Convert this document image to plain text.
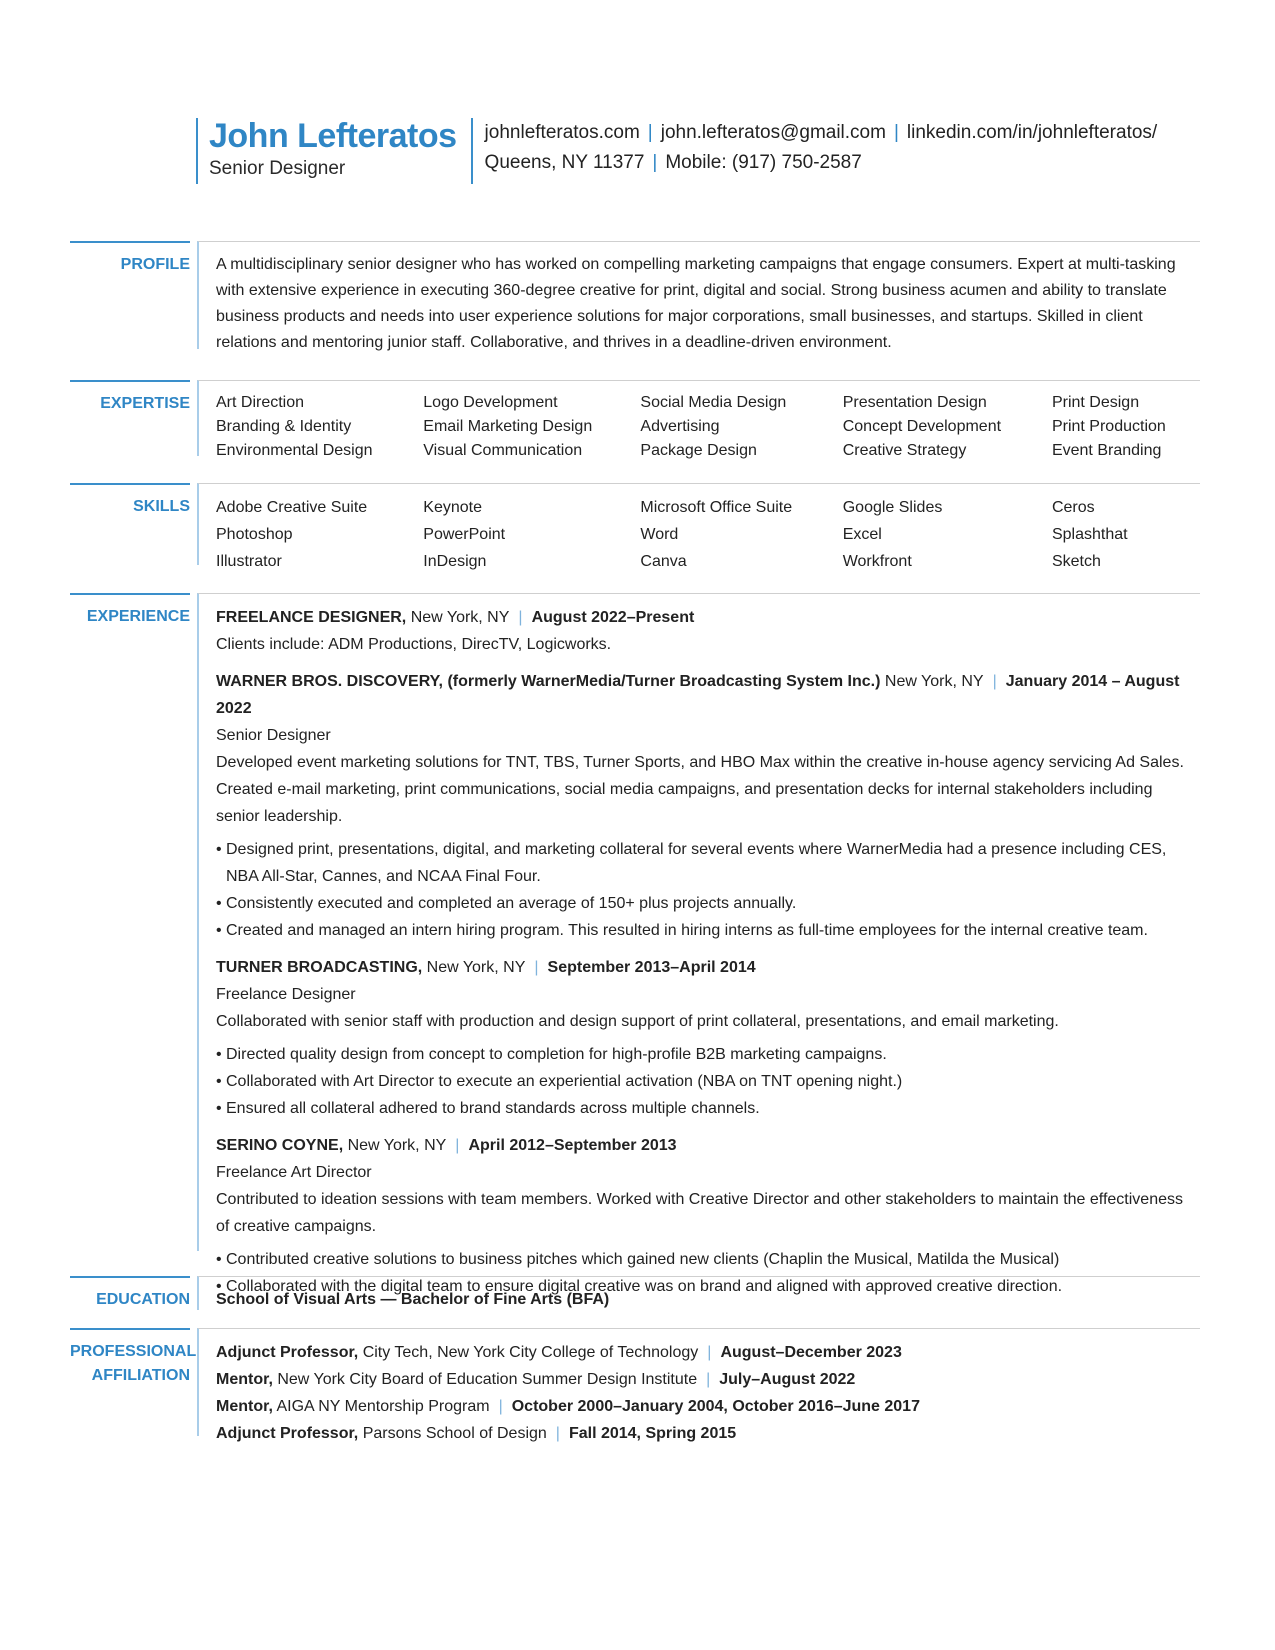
John Lefteratos
Senior Designer
johnlefteratos.com | john.lefteratos@gmail.com | linkedin.com/in/johnlefteratos/
Queens, NY 11377 | Mobile: (917) 750-2587
PROFILE A multidisciplinary senior designer who has worked on compelling marketing campaigns that engage consumers. Expert at multi-tasking with extensive experience in executing 360-degree creative for print, digital and social. Strong business acumen and ability to translate business products and needs into user experience solutions for major corporations, small businesses, and startups. Skilled in client relations and mentoring junior staff. Collaborative, and thrives in a deadline-driven environment.

EXPERTISE Art Direction
Branding & Identity
Environmental Design
Logo Development
Email Marketing Design
Visual Communication
Social Media Design
Advertising
Package Design
Presentation Design
Concept Development
Creative Strategy
Print Design
Print Production
Event Branding
SKILLS Adobe Creative Suite
Photoshop
Illustrator
Keynote
PowerPoint
InDesign
Microsoft Office Suite
Word
Canva
Google Slides
Excel
Workfront
Ceros
Splashthat
Sketch
EXPERIENCE FREELANCE DESIGNER, New York, NY | August 2022–Present
Clients include: ADM Productions, DirecTV, Logicworks.
WARNER BROS. DISCOVERY, (formerly WarnerMedia/Turner Broadcasting System Inc.) New York, NY | January 2014 – August 2022
Senior Designer
Developed event marketing solutions for TNT, TBS, Turner Sports, and HBO Max within the creative in-house agency servicing Ad Sales. Created e-mail marketing, print communications, social media campaigns, and presentation decks for internal stakeholders including senior leadership.
• Designed print, presentations, digital, and marketing collateral for several events where WarnerMedia had a presence including CES, NBA All-Star, Cannes, and NCAA Final Four.
• Consistently executed and completed an average of 150+ plus projects annually.
• Created and managed an intern hiring program. This resulted in hiring interns as full-time employees for the internal creative team.
TURNER BROADCASTING, New York, NY | September 2013–April 2014
Freelance Designer
Collaborated with senior staff with production and design support of print collateral, presentations, and email marketing.
• Directed quality design from concept to completion for high-profile B2B marketing campaigns.
• Collaborated with Art Director to execute an experiential activation (NBA on TNT opening night.)
• Ensured all collateral adhered to brand standards across multiple channels.
SERINO COYNE, New York, NY | April 2012–September 2013
Freelance Art Director
Contributed to ideation sessions with team members. Worked with Creative Director and other stakeholders to maintain the effectiveness of creative campaigns.
• Contributed creative solutions to business pitches which gained new clients (Chaplin the Musical, Matilda the Musical)
• Collaborated with the digital team to ensure digital creative was on brand and aligned with approved creative direction.
EDUCATION School of Visual Arts — Bachelor of Fine Arts (BFA)

PROFESSIONAL
AFFILIATION
Adjunct Professor, City Tech, New York City College of Technology | August–December 2023
Mentor, New York City Board of Education Summer Design Institute | July–August 2022
Mentor, AIGA NY Mentorship Program | October 2000–January 2004, October 2016–June 2017
Adjunct Professor, Parsons School of Design | Fall 2014, Spring 2015
